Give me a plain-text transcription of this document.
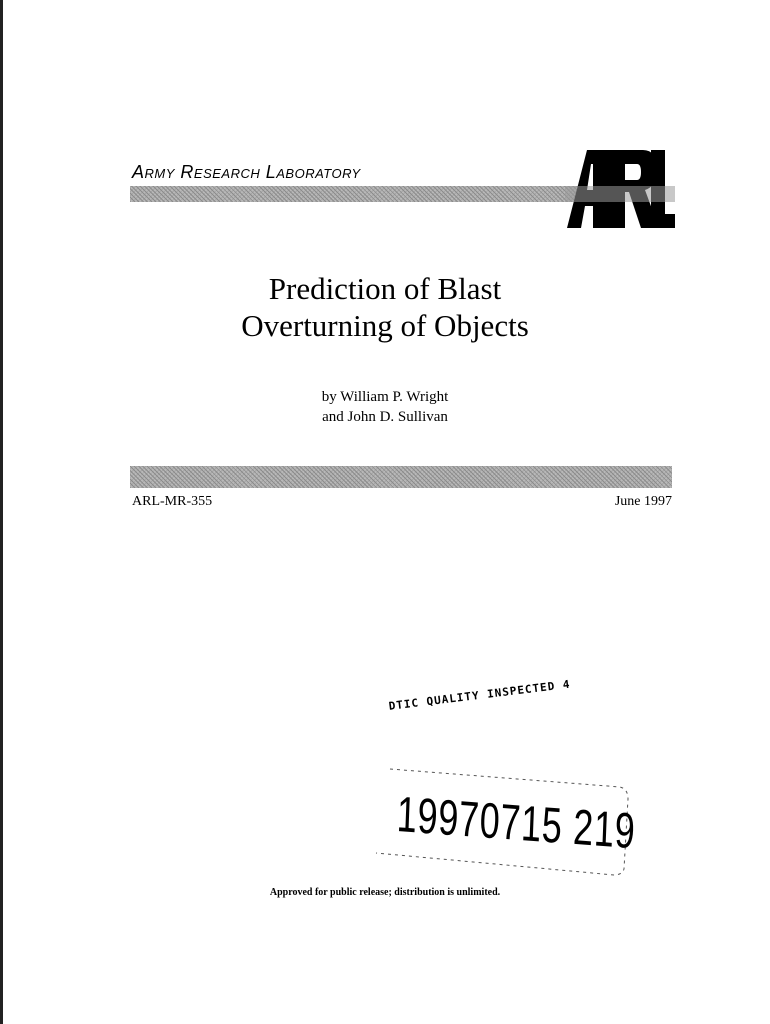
Army Research Laboratory
Prediction of Blast
Overturning of Objects
by William P. Wright
and John D. Sullivan
ARL-MR-355	June 1997
DTIC QUALITY INSPECTED 4
19970715 219
Approved for public release; distribution is unlimited.
